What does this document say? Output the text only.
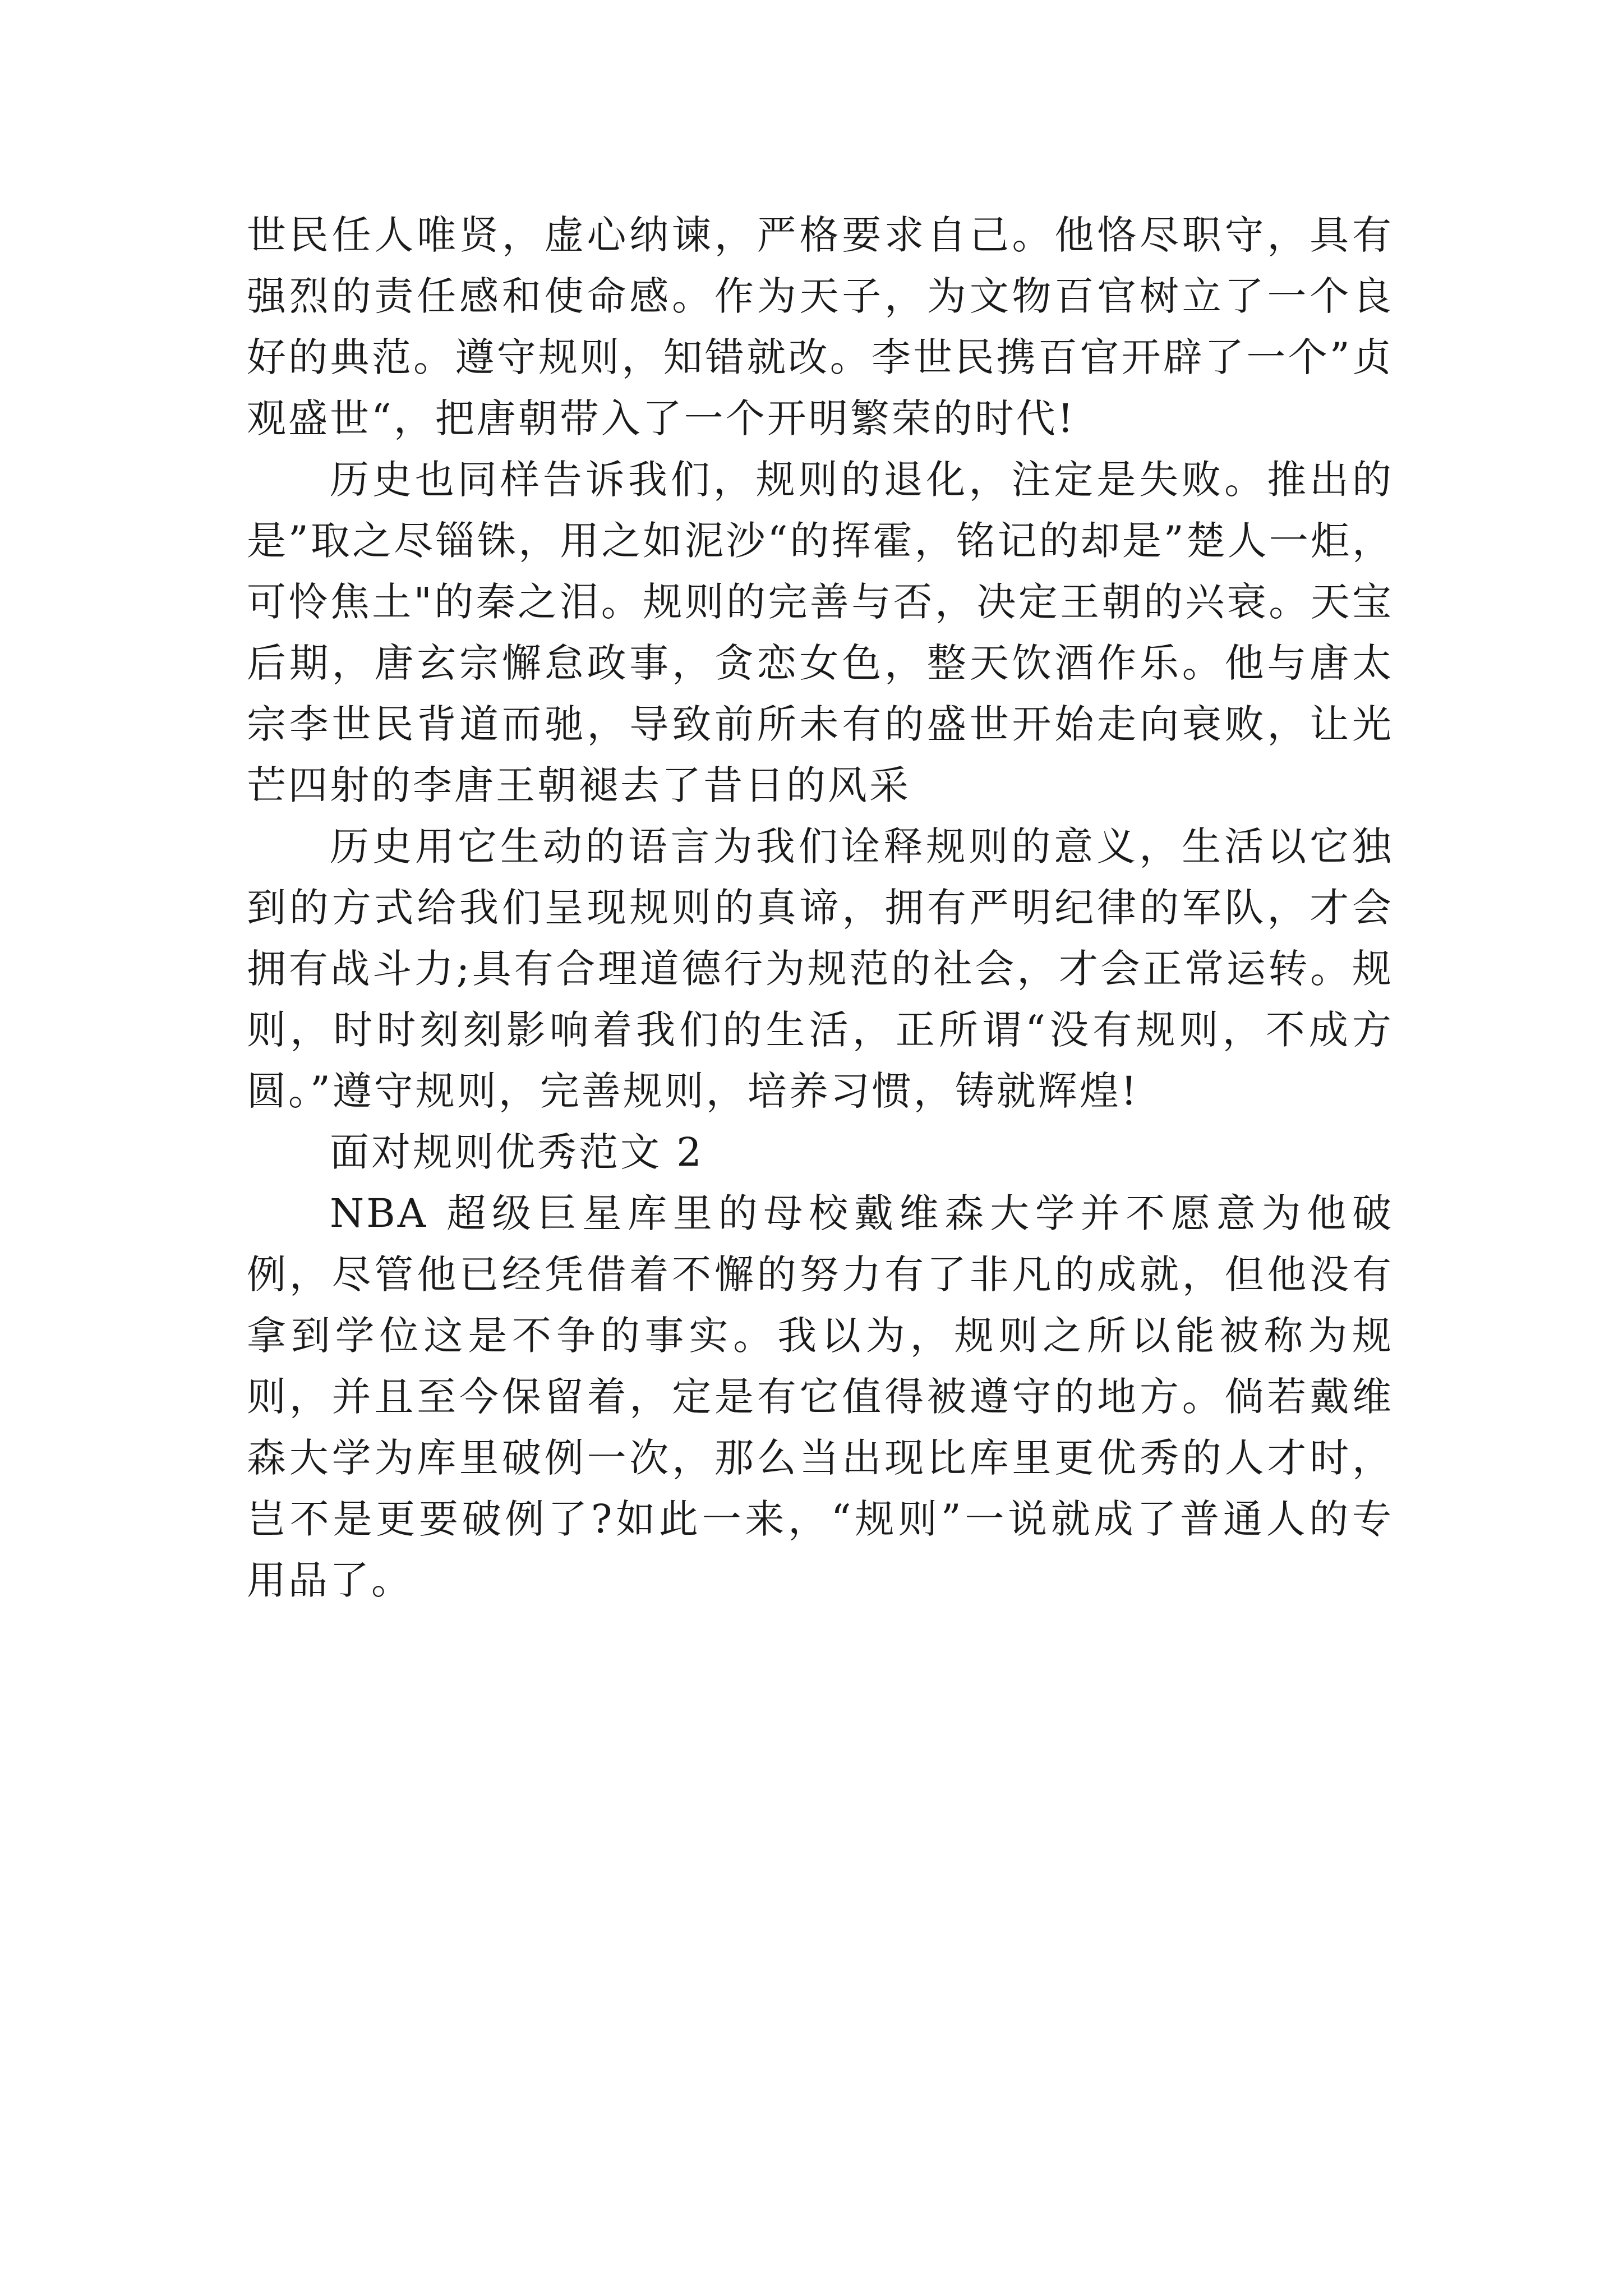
世民任人唯贤，虚心纳谏，严格要求自己。他恪尽职守，具有强烈的责任感和使命感。作为天子，为文物百官树立了一个良好的典范。遵守规则，知错就改。李世民携百官开辟了一个”贞观盛世“，把唐朝带入了一个开明繁荣的时代!

历史也同样告诉我们，规则的退化，注定是失败。推出的是”取之尽锱铢，用之如泥沙“的挥霍，铭记的却是”楚人一炬，可怜焦土"的秦之泪。规则的完善与否，决定王朝的兴衰。天宝后期，唐玄宗懈怠政事，贪恋女色，整天饮酒作乐。他与唐太宗李世民背道而驰，导致前所未有的盛世开始走向衰败，让光芒四射的李唐王朝褪去了昔日的风采

历史用它生动的语言为我们诠释规则的意义，生活以它独到的方式给我们呈现规则的真谛，拥有严明纪律的军队，才会拥有战斗力;具有合理道德行为规范的社会，才会正常运转。规则，时时刻刻影响着我们的生活，正所谓“没有规则，不成方圆。”遵守规则，完善规则，培养习惯，铸就辉煌!

面对规则优秀范文 2

NBA 超级巨星库里的母校戴维森大学并不愿意为他破例，尽管他已经凭借着不懈的努力有了非凡的成就，但他没有拿到学位这是不争的事实。我以为，规则之所以能被称为规则，并且至今保留着，定是有它值得被遵守的地方。倘若戴维森大学为库里破例一次，那么当出现比库里更优秀的人才时，岂不是更要破例了?如此一来，“规则”一说就成了普通人的专用品了。
